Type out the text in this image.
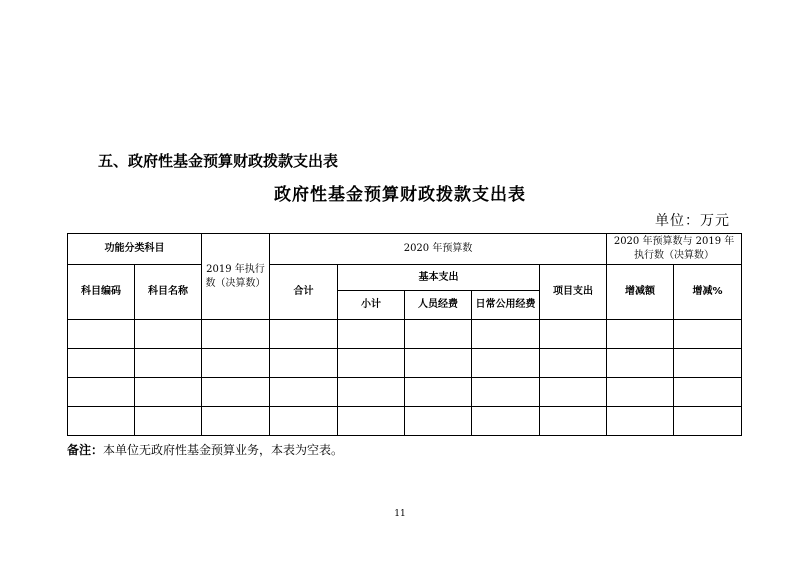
五、政府性基金预算财政拨款支出表
政府性基金预算财政拨款支出表
单位：万元
功能分类科目		2019 年执行数（决算数）	2020 年预算数					2020 年预算数与 2019 年执行数（决算数）	
科目编码	科目名称		合计	基本支出			项目支出	增减额	增减%
				小计	人员经费	日常公用经费			

备注：本单位无政府性基金预算业务，本表为空表。
11
